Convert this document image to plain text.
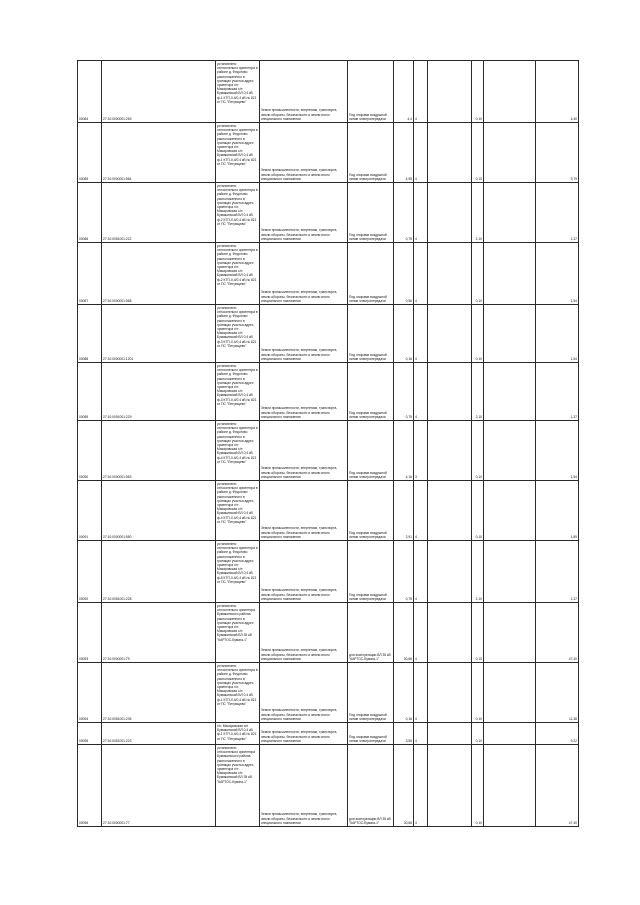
00084	27:10:0000001:263	установлено относительно ориентира в районе д. Федотово расположенного в границах участка адрес ориентира г/п: Макаровская с/п Бумажинский ВЛ 0,4 кВ ф-1 КТП-0,4/0,4 кВ № 821 от ПС "Петрищево"	Земли промышленности, энергетики, транспорта, земли обороны, безопасности и земли иного специального назначения	Под опорами воздушной линии электропередачи	4,4	4		0,10		4,40
00085	27:10:0000001:564	установлено относительно ориентира в районе д. Федотово расположенного в границах участка адрес ориентира г/п: Макаровская с/п Бумажинский ВЛ 0,4 кВ ф-1 КТП-0,4/0,4 кВ № 821 от ПС "Петрищево"	Земли промышленности, энергетики, транспорта, земли обороны, безопасности и земли иного специального назначения	Под опорами воздушной линии электропередачи	4,95	4		0,10		9,79
00086	27:10:0051001:222	установлено относительно ориентира в районе д. Федотово расположенного в границах участка адрес ориентира г/п: Макаровская с/п Бумажинский ВЛ 0,4 кВ ф-2 КТП-0,4/0,4 кВ № 821 от ПС "Петрищево"	Земли промышленности, энергетики, транспорта, земли обороны, безопасности и земли иного специального назначения	Под опорами воздушной линии электропередачи	0,75	4		2,10		1,37
00087	27:10:0000001:568	установлено относительно ориентира в районе д. Федотово расположенного в границах участка адрес ориентира г/п: Макаровская с/п Бумажинский ВЛ 0,4 кВ ф-2 КТП-0,4/0,4 кВ № 821 от ПС "Петрищево"	Земли промышленности, энергетики, транспорта, земли обороны, безопасности и земли иного специального назначения	Под опорами воздушной линии электропередачи	0,56	4		0,10		1,54
00088	27:10:0000001:1201	установлено относительно ориентира в районе д. Федотово расположенного в границах участка адрес ориентира г/п: Макаровская с/п Бумажинский ВЛ 0,4 кВ ф-3 КТП-0,4/0,4 кВ № 821 от ПС "Петрищево"	Земли промышленности, энергетики, транспорта, земли обороны, безопасности и земли иного специального назначения	Под опорами воздушной линии электропередачи	0,16	4		0,10		1,54
00089	27:10:0051001:229	установлено относительно ориентира в районе д. Федотово расположенного в границах участка адрес ориентира г/п: Макаровская с/п Бумажинский ВЛ 0,4 кВ ф-3 КТП-0,4/0,4 кВ № 821 от ПС "Петрищево"	Земли промышленности, энергетики, транспорта, земли обороны, безопасности и земли иного специального назначения	Под опорами воздушной линии электропередачи	0,75	4		2,10		1,37
00090	27:10:0000001:563	установлено относительно ориентира в районе д. Федотово расположенного в границах участка адрес ориентира г/п: Макаровская с/п Бумажинский ВЛ 0,4 кВ ф-4 КТП-0,4/0,4 кВ № 821 от ПС "Петрищево"	Земли промышленности, энергетики, транспорта, земли обороны, безопасности и земли иного специального назначения	Под опорами воздушной линии электропередачи	4,16	3		0,10		1,54
00091	27:10:0000001:550	установлено относительно ориентира в районе д. Федотово расположенного в границах участка адрес ориентира г/п: Макаровская с/п Бумажинский ВЛ 0,4 кВ ф-4 КТП-0,4/0,4 кВ № 821 от ПС "Петрищево"	Земли промышленности, энергетики, транспорта, земли обороны, безопасности и земли иного специального назначения	Под опорами воздушной линии электропередачи	2,91	4		0,10		1,89
00092	27:10:0051001:228	установлено относительно ориентира в районе д. Федотово расположенного в границах участка адрес ориентира г/п: Макаровская с/п Бумажинский ВЛ 0,4 кВ ф-5 КТП-0,4/0,4 кВ № 821 от ПС "Петрищево"	Земли промышленности, энергетики, транспорта, земли обороны, безопасности и земли иного специального назначения	Под опорами воздушной линии электропередачи	0,75	4		2,10		1,37
00093	27:10:0000001:79	установлено относительно ориентира Бумажинского района расположенного в границах участка адрес ориентира г/п: Макаровская с/п Бумажинский ВЛ 35 кВ "КАРТОС-Бумага-1"	Земли промышленности, энергетики, транспорта, земли обороны, безопасности и земли иного специального назначения	для эксплуатации ВЛ 35 кВ "КАРТОС-Бумага-1"	30,66	4		0,10		47,40
00094	27:10:0051001:235	установлено относительно ориентира в районе д. Федотово расположенного в границах участка адрес ориентира г/п: Макаровская с/п Бумажинский ВЛ 0,4 кВ ф-1 КТП-0,4/0,4 кВ № 821 от ПС "Петрищево"	Земли промышленности, энергетики, транспорта, земли обороны, безопасности и земли иного специального назначения	Под опорами воздушной линии электропередачи	0,16	4		0,10		11,38
00095	27:10:0051001:223	г/п: Макаровская с/п Бумажинский ВЛ 0,4 кВ ф-1 КТП-0,4/0,4 кВ № 821 от ПС "Петрищево"	Земли промышленности, энергетики, транспорта, земли обороны, безопасности и земли иного специального назначения	Под опорами воздушной линии электропередачи	3,55	4		0,10		9,22
00096	27:10:0000001:77	установлено относительно ориентира Бумажинского района расположенного в границах участка адрес ориентира г/п: Макаровская с/п Бумажинский ВЛ 35 кВ "КАРТОС-Бумага-1"	Земли промышленности, энергетики, транспорта, земли обороны, безопасности и земли иного специального назначения	для эксплуатации ВЛ 35 кВ "КАРТОС-Бумага-1"	30,66	4		0,10		47,40
